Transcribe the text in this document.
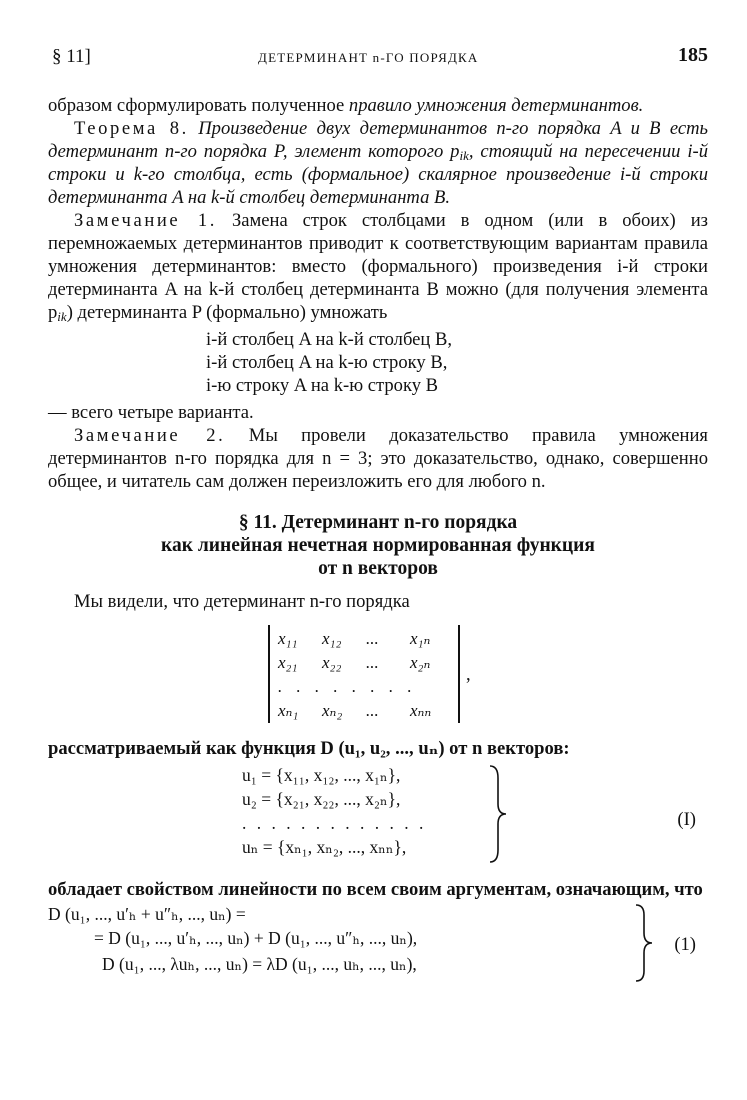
§ 11]	ДЕТЕРМИНАНТ n-ГО ПОРЯДКА	185

образом сформулировать полученное правило умножения детерминантов.

Теорема 8. Произведение двух детерминантов n-го порядка A и B есть детерминант n-го порядка P, элемент которого $p_{ik}$, стоящий на пересечении i-й строки и k-го столбца, есть (формальное) скалярное произведение i-й строки детерминанта A на k-й столбец детерминанта B.

Замечание 1. Замена строк столбцами в одном (или в обоих) из перемножаемых детерминантов приводит к соответствующим вариантам правила умножения детерминантов: вместо (формального) произведения i-й строки детерминанта A на k-й столбец детерминанта B можно (для получения элемента $p_{ik}$) детерминанта P (формально) умножать

i-й столбец A на k-й столбец B,
i-й столбец A на k-ю строку B,
i-ю строку A на k-ю строку B

— всего четыре варианта.

Замечание 2. Мы провели доказательство правила умножения детерминантов n-го порядка для n = 3; это доказательство, однако, совершенно общее, и читатель сам должен переизложить его для любого n.

§ 11. Детерминант n-го порядка
как линейная нечетная нормированная функция
от n векторов

Мы видели, что детерминант n-го порядка

x₁₁ x₁₂ ... x₁ₙ
x₂₁ x₂₂ ... x₂ₙ
. . . . . . . .
xₙ₁ xₙ₂ ... xₙₙ
,

рассматриваемый как функция D (u₁, u₂, ..., uₙ) от n векторов:

u₁ = {x₁₁, x₁₂, ..., x₁ₙ},
u₂ = {x₂₁, x₂₂, ..., x₂ₙ},
. . . . . . . . . . . . .
uₙ = {xₙ₁, xₙ₂, ..., xₙₙ},
(I)

обладает свойством линейности по всем своим аргументам, означающим, что

D (u₁, ..., u′ₕ + u″ₕ, ..., uₙ) =
= D (u₁, ..., u′ₕ, ..., uₙ) + D (u₁, ..., u″ₕ, ..., uₙ),
D (u₁, ..., λuₕ, ..., uₙ) = λD (u₁, ..., uₕ, ..., uₙ),
(1)
